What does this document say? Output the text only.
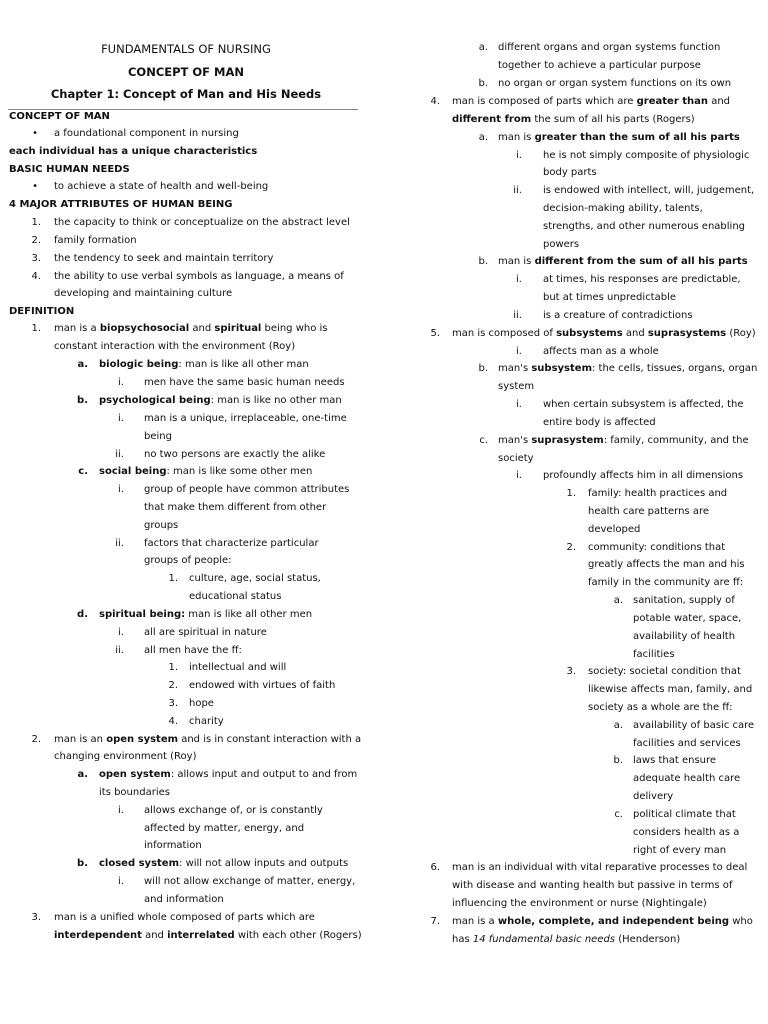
FUNDAMENTALS OF NURSING
CONCEPT OF MAN
Chapter 1: Concept of Man and His Needs
CONCEPT OF MAN
• a foundational component in nursing
each individual has a unique characteristics
BASIC HUMAN NEEDS
• to achieve a state of health and well-being
4 MAJOR ATTRIBUTES OF HUMAN BEING
1. the capacity to think or conceptualize on the abstract level
2. family formation
3. the tendency to seek and maintain territory
4. the ability to use verbal symbols as language, a means of
developing and maintaining culture
DEFINITION
1. man is a biopsychosocial and spiritual being who is
constant interaction with the environment (Roy)
a. biologic being: man is like all other man
i. men have the same basic human needs
b. psychological being: man is like no other man
i. man is a unique, irreplaceable, one-time
being
ii. no two persons are exactly the alike
c. social being: man is like some other men
i. group of people have common attributes
that make them different from other
groups
ii. factors that characterize particular
groups of people:
1. culture, age, social status,
educational status
d. spiritual being: man is like all other men
i. all are spiritual in nature
ii. all men have the ff:
1. intellectual and will
2. endowed with virtues of faith
3. hope
4. charity
2. man is an open system and is in constant interaction with a
changing environment (Roy)
a. open system: allows input and output to and from
its boundaries
i. allows exchange of, or is constantly
affected by matter, energy, and
information
b. closed system: will not allow inputs and outputs
i. will not allow exchange of matter, energy,
and information
3. man is a unified whole composed of parts which are
interdependent and interrelated with each other (Rogers)
a. different organs and organ systems function
together to achieve a particular purpose
b. no organ or organ system functions on its own
4. man is composed of parts which are greater than and
different from the sum of all his parts (Rogers)
a. man is greater than the sum of all his parts
i. he is not simply composite of physiologic
body parts
ii. is endowed with intellect, will, judgement,
decision-making ability, talents,
strengths, and other numerous enabling
powers
b. man is different from the sum of all his parts
i. at times, his responses are predictable,
but at times unpredictable
ii. is a creature of contradictions
5. man is composed of subsystems and suprasystems (Roy)
i. affects man as a whole
b. man's subsystem: the cells, tissues, organs, organ
system
i. when certain subsystem is affected, the
entire body is affected
c. man's suprasystem: family, community, and the
society
i. profoundly affects him in all dimensions
1. family: health practices and
health care patterns are
developed
2. community: conditions that
greatly affects the man and his
family in the community are ff:
a. sanitation, supply of
potable water, space,
availability of health
facilities
3. society: societal condition that
likewise affects man, family, and
society as a whole are the ff:
a. availability of basic care
facilities and services
b. laws that ensure
adequate health care
delivery
c. political climate that
considers health as a
right of every man
6. man is an individual with vital reparative processes to deal
with disease and wanting health but passive in terms of
influencing the environment or nurse (Nightingale)
7. man is a whole, complete, and independent being who
has 14 fundamental basic needs (Henderson)
